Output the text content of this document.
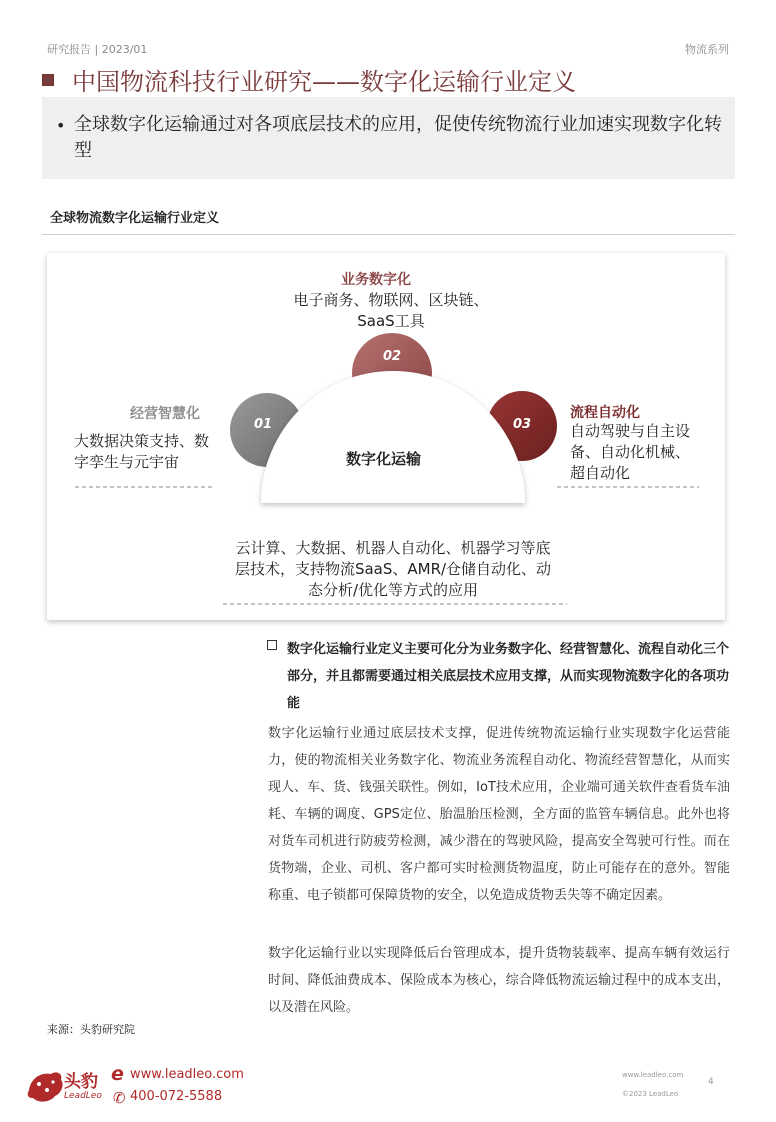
研究报告 | 2023/01	物流系列
中国物流科技行业研究——数字化运输行业定义
• 全球数字化运输通过对各项底层技术的应用，促使传统物流行业加速实现数字化转型
全球物流数字化运输行业定义
02
03
01
业务数字化
电子商务、物联网、区块链、SaaS工具
经营智慧化
大数据决策支持、数字孪生与元宇宙
流程自动化
自动驾驶与自主设备、自动化机械、超自动化
数字化运输
云计算、大数据、机器人自动化、机器学习等底层技术，支持物流SaaS、AMR/仓储自动化、动态分析/优化等方式的应用
数字化运输行业定义主要可化分为业务数字化、经营智慧化、流程自动化三个部分，并且都需要通过相关底层技术应用支撑，从而实现物流数字化的各项功能
数字化运输行业通过底层技术支撑，促进传统物流运输行业实现数字化运营能力，使的物流相关业务数字化、物流业务流程自动化、物流经营智慧化，从而实现人、车、货、钱强关联性。例如，IoT技术应用，企业端可通关软件查看货车油耗、车辆的调度、GPS定位、胎温胎压检测，全方面的监管车辆信息。此外也将对货车司机进行防疲劳检测，减少潜在的驾驶风险，提高安全驾驶可行性。而在货物端，企业、司机、客户都可实时检测货物温度，防止可能存在的意外。智能称重、电子锁都可保障货物的安全，以免造成货物丢失等不确定因素。
数字化运输行业以实现降低后台管理成本，提升货物装载率、提高车辆有效运行时间、降低油费成本、保险成本为核心，综合降低物流运输过程中的成本支出，以及潜在风险。
来源：头豹研究院
头豹
LeadLeo
e www.leadleo.com
✆ 400-072-5588
www.leadleo.com
©2023 LeadLeo
4
